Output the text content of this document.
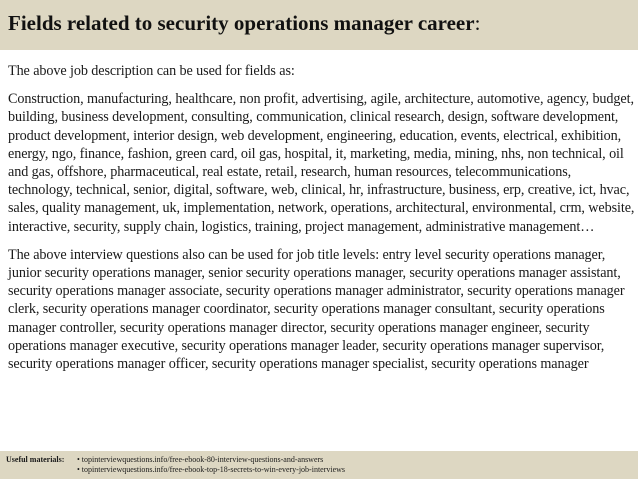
Fields related to security operations manager career:

The above job description can be used for fields as:

Construction, manufacturing, healthcare, non profit, advertising, agile, architecture, automotive, agency, budget, building, business development, consulting, communication, clinical research, design, software development, product development, interior design, web development, engineering, education, events, electrical, exhibition, energy, ngo, finance, fashion, green card, oil gas, hospital, it, marketing, media, mining, nhs, non technical, oil and gas, offshore, pharmaceutical, real estate, retail, research, human resources, telecommunications, technology, technical, senior, digital, software, web, clinical, hr, infrastructure, business, erp, creative, ict, hvac, sales, quality management, uk, implementation, network, operations, architectural, environmental, crm, website, interactive, security, supply chain, logistics, training, project management, administrative management…

The above interview questions also can be used for job title levels: entry level security operations manager, junior security operations manager, senior security operations manager, security operations manager assistant, security operations manager associate, security operations manager administrator, security operations manager clerk, security operations manager coordinator, security operations manager consultant, security operations manager controller, security operations manager director, security operations manager engineer, security operations manager executive, security operations manager leader, security operations manager supervisor, security operations manager officer, security operations manager specialist, security operations manager

Useful materials: • topinterviewquestions.info/free-ebook-80-interview-questions-and-answers
• topinterviewquestions.info/free-ebook-top-18-secrets-to-win-every-job-interviews
